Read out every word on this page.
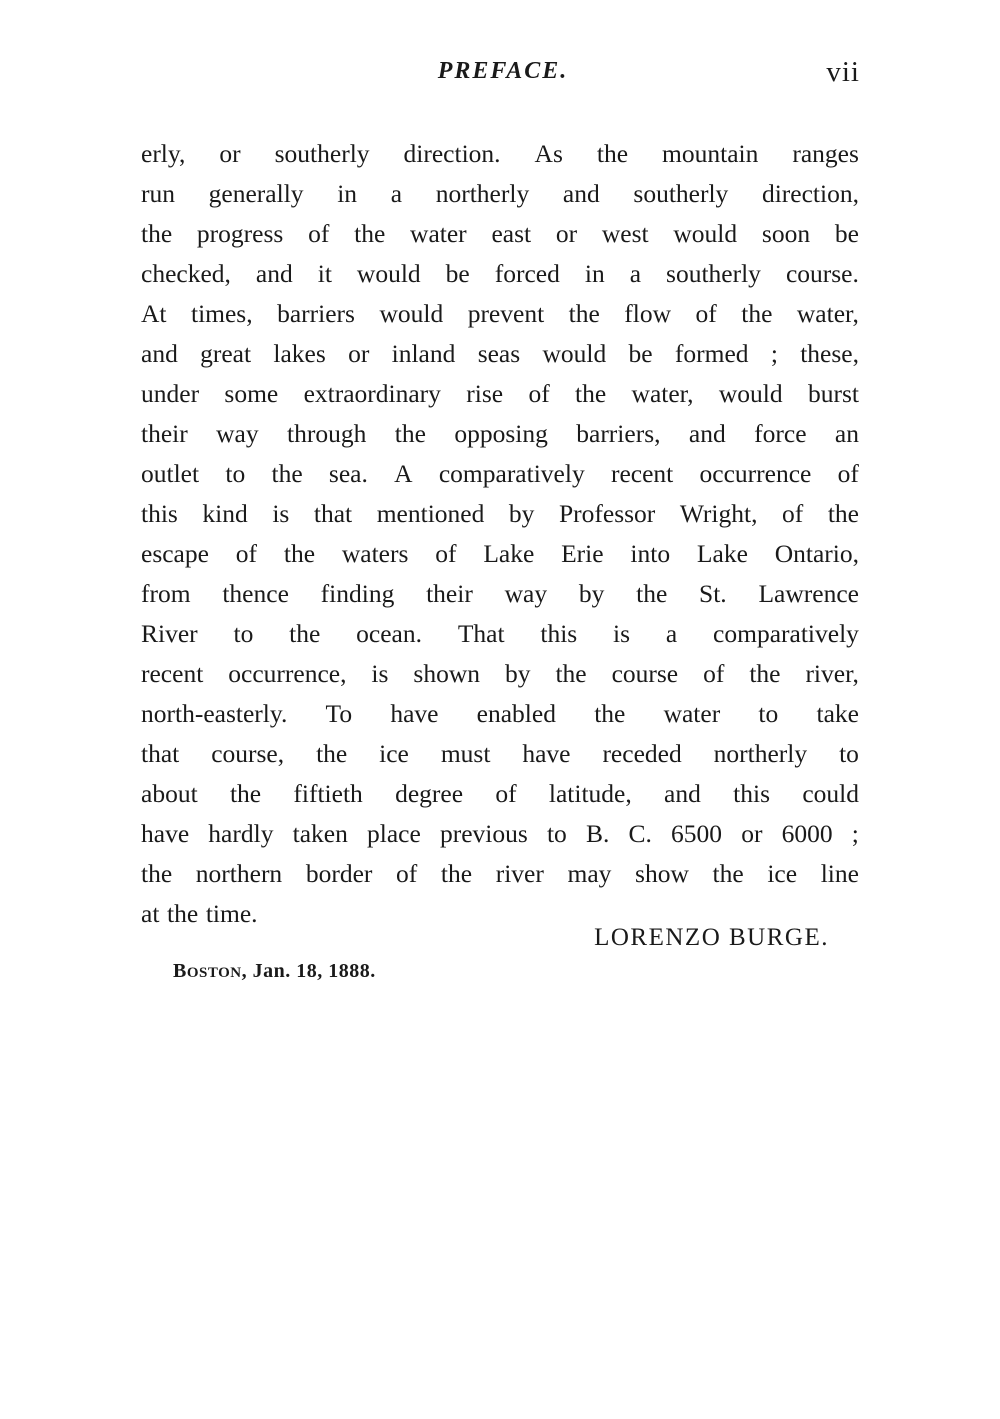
PREFACE.	vii
erly, or southerly direction. As the mountain ranges
run generally in a northerly and southerly direction,
the progress of the water east or west would soon be
checked, and it would be forced in a southerly course.
At times, barriers would prevent the flow of the water,
and great lakes or inland seas would be formed ; these,
under some extraordinary rise of the water, would burst
their way through the opposing barriers, and force an
outlet to the sea. A comparatively recent occurrence of
this kind is that mentioned by Professor Wright, of the
escape of the waters of Lake Erie into Lake Ontario,
from thence finding their way by the St. Lawrence
River to the ocean. That this is a comparatively
recent occurrence, is shown by the course of the river,
north-easterly. To have enabled the water to take
that course, the ice must have receded northerly to
about the fiftieth degree of latitude, and this could
have hardly taken place previous to B. C. 6500 or 6000 ;
the northern border of the river may show the ice line
at the time.
LORENZO BURGE.
BOSTON, Jan. 18, 1888.
